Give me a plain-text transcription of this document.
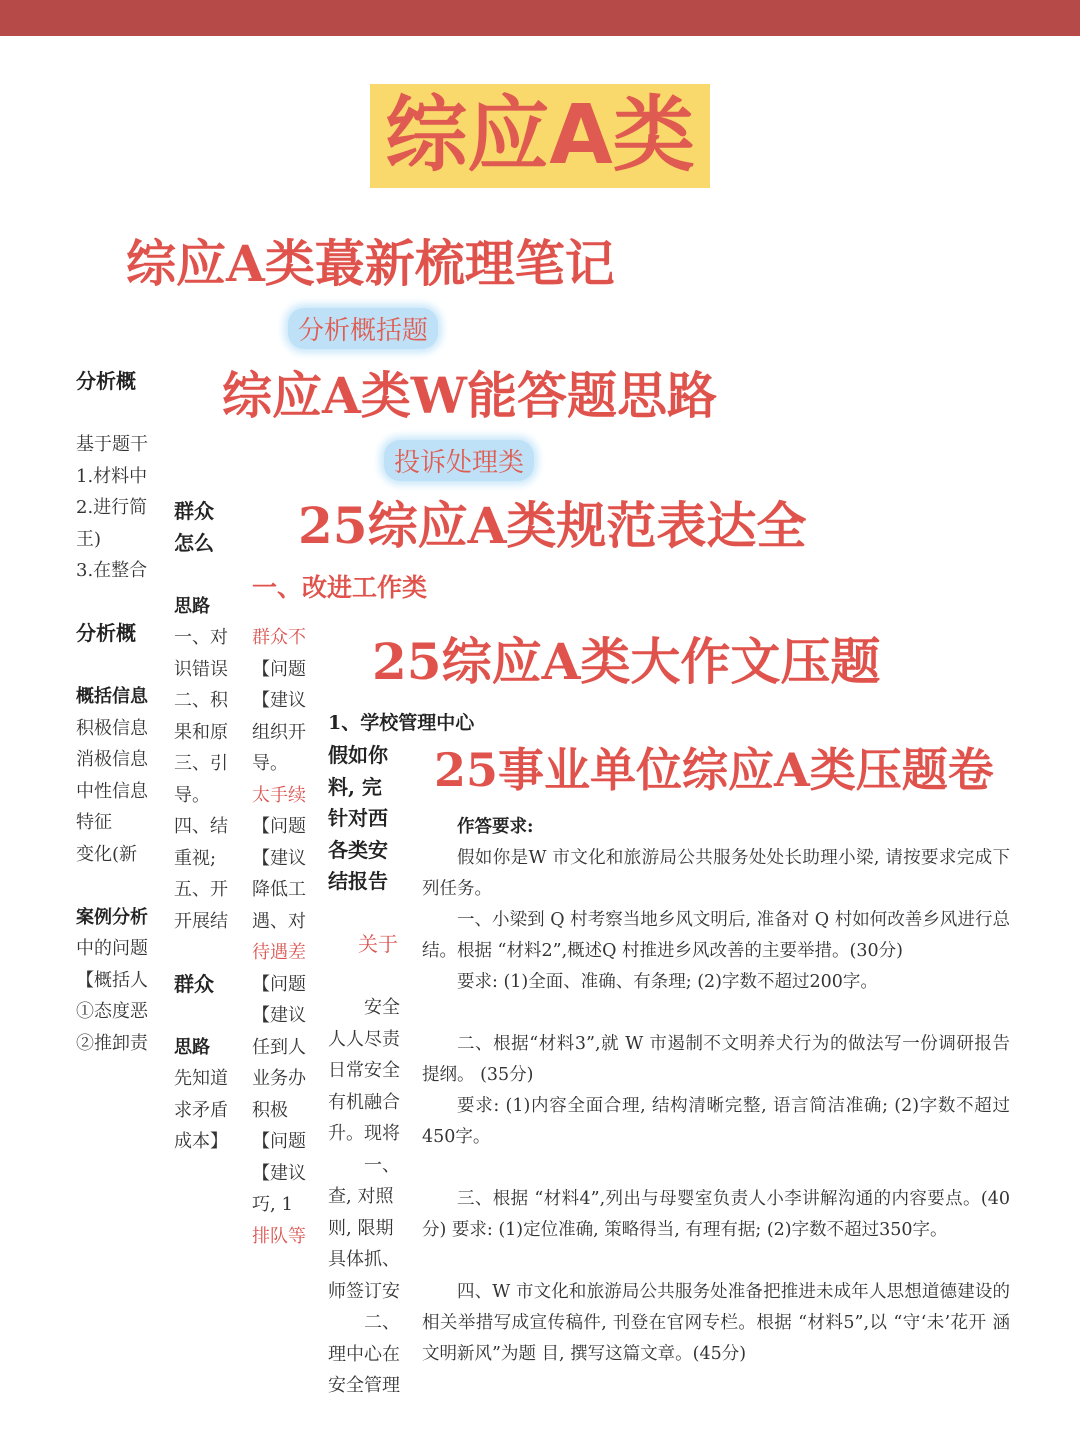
分析概

基于题干
1.材料中
2.进行简
王)
3.在整合

分析概

概括信息
积极信息
消极信息
中性信息
特征
变化(新

案例分析
中的问题
【概括人
①态度恶
②推卸责
群众
怎么

思路
一、对
识错误
二、积
果和原
三、引
导。
四、结
重视;
五、开
开展结

群众

思路
先知道
求矛盾
成本】
群众不
【问题
【建议
组织开
导。
太手续
【问题
【建议
降低工
遇、对
待遇差
【问题
【建议
任到人
业务办
积极
【问题
【建议
巧, 1
排队等
假如你
料, 完
针对西
各类安
结报告

关于

安全
人人尽责
日常安全
有机融合
升。现将
一、
查, 对照
则, 限期
具体抓、
师签订安
二、
理中心在
安全管理

作答要求:

假如你是W 市文化和旅游局公共服务处处长助理小梁, 请按要求完成下列任务。

一、小梁到 Q 村考察当地乡风文明后, 准备对 Q 村如何改善乡风进行总结。根据 “材料2”,概述Q 村推进乡风改善的主要举措。(30分)

要求: (1)全面、准确、有条理; (2)字数不超过200字。

二、根据“材料3”,就 W 市遏制不文明养犬行为的做法写一份调研报告提纲。 (35分)

要求: (1)内容全面合理, 结构清晰完整, 语言简洁准确; (2)字数不超过450字。

三、根据 “材料4”,列出与母婴室负责人小李讲解沟通的内容要点。(40分) 要求: (1)定位准确, 策略得当, 有理有据; (2)字数不超过350字。

四、W 市文化和旅游局公共服务处准备把推进未成年人思想道德建设的相关举措写成宣传稿件, 刊登在官网专栏。根据 “材料5”,以 “守‘未’花开 涵文明新风”为题 目, 撰写这篇文章。(45分)

综应A类
综应A类蕞新梳理笔记
分析概括题
综应A类W能答题思路
投诉处理类
25综应A类规范表达全
一、改进工作类
25综应A类大作文压题
1、学校管理中心
25事业单位综应A类压题卷
